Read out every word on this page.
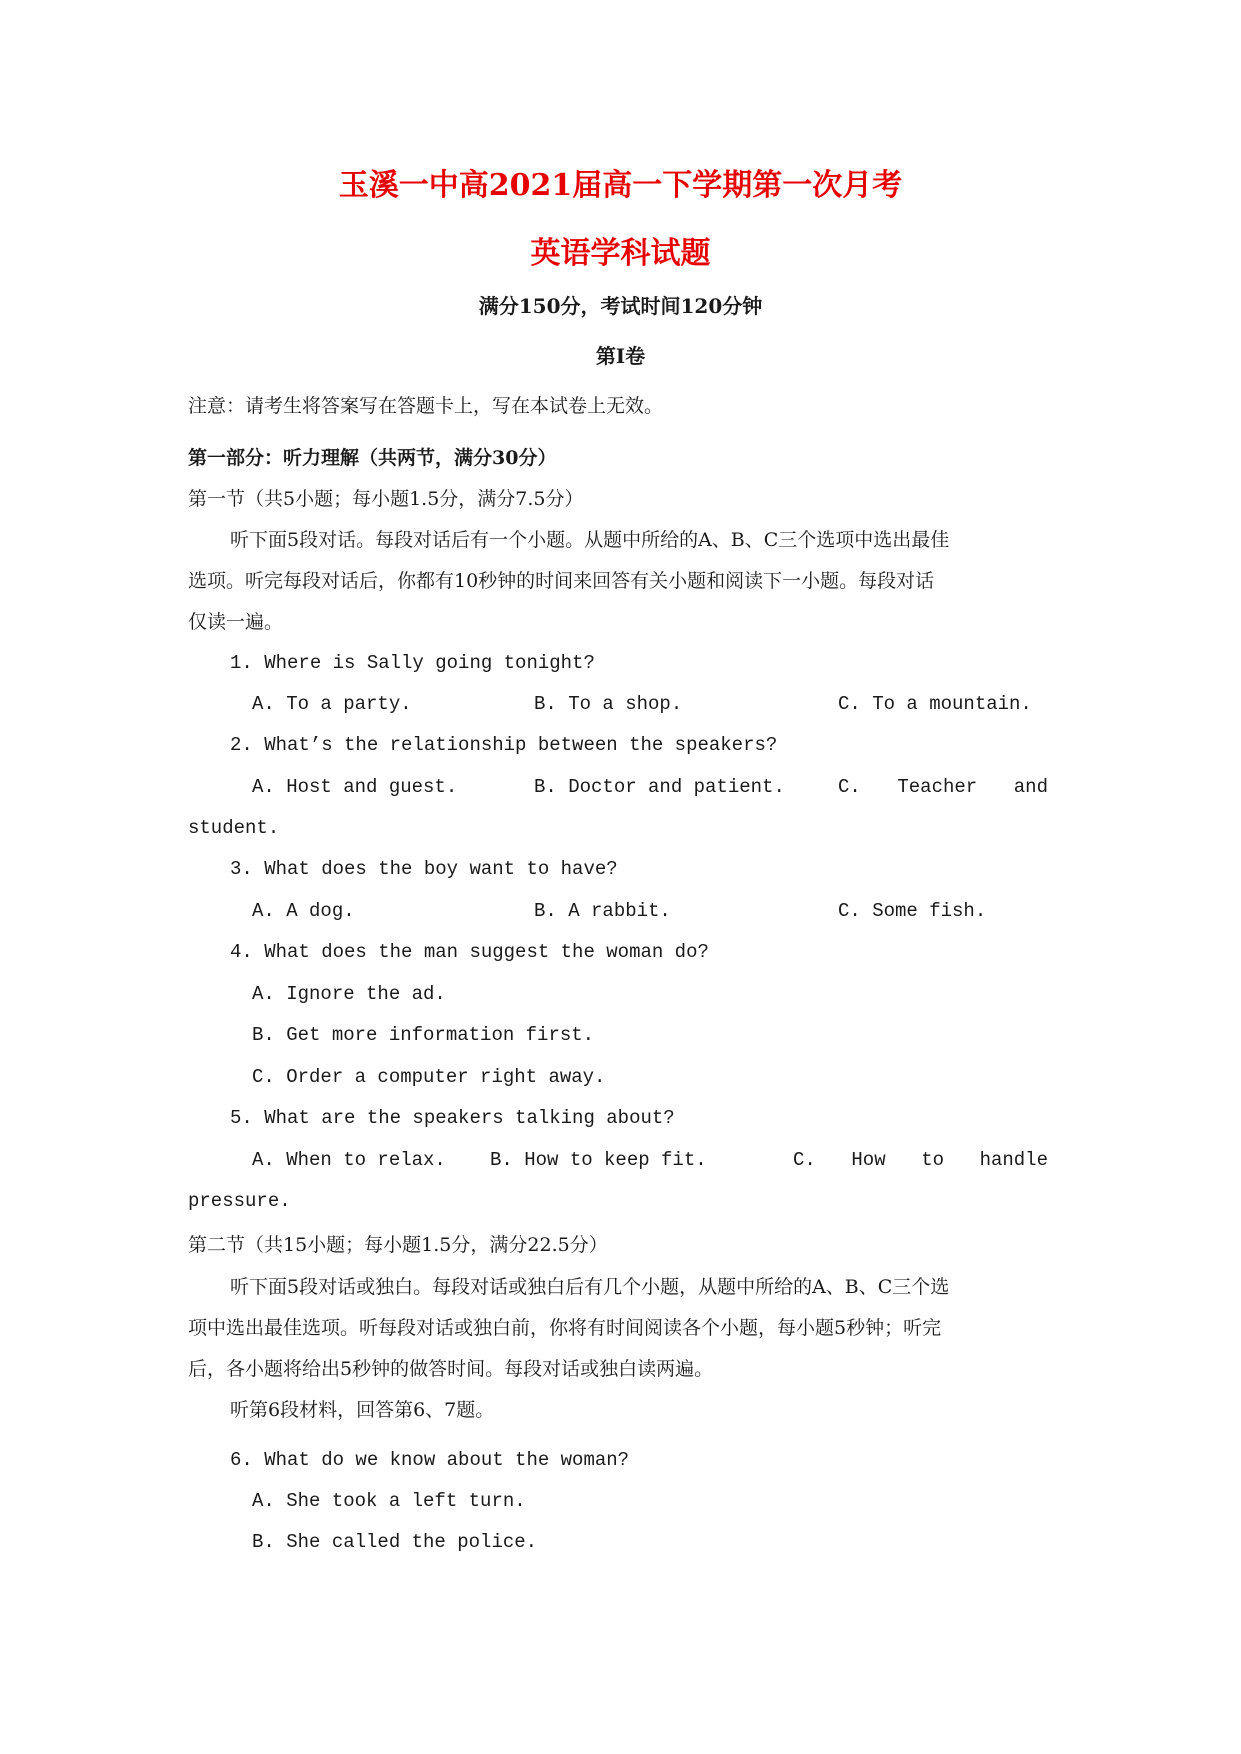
玉溪一中高2021届高一下学期第一次月考
英语学科试题
满分150分，考试时间120分钟
第Ⅰ卷
注意：请考生将答案写在答题卡上，写在本试卷上无效。
第一部分：听力理解（共两节，满分30分）
第一节（共5小题；每小题1.5分，满分7.5分）
听下面5段对话。每段对话后有一个小题。从题中所给的A、B、C三个选项中选出最佳
选项。听完每段对话后，你都有10秒钟的时间来回答有关小题和阅读下一小题。每段对话
仅读一遍。
1. Where is Sally going tonight?
A. To a party.	B. To a shop.	C. To a mountain.
2. What’s the relationship between the speakers?
A. Host and guest.	B. Doctor and patient.	C. Teacher and
student.
3. What does the boy want to have?
A. A dog.	B. A rabbit.	C. Some fish.
4. What does the man suggest the woman do?
A. Ignore the ad.
B. Get more information first.
C. Order a computer right away.
5. What are the speakers talking about?
A. When to relax. B. How to keep fit.	C. How to handle
pressure.
第二节（共15小题；每小题1.5分，满分22.5分）
听下面5段对话或独白。每段对话或独白后有几个小题，从题中所给的A、B、C三个选
项中选出最佳选项。听每段对话或独白前，你将有时间阅读各个小题，每小题5秒钟；听完
后，各小题将给出5秒钟的做答时间。每段对话或独白读两遍。
听第6段材料，回答第6、7题。
6. What do we know about the woman?
A. She took a left turn.
B. She called the police.
